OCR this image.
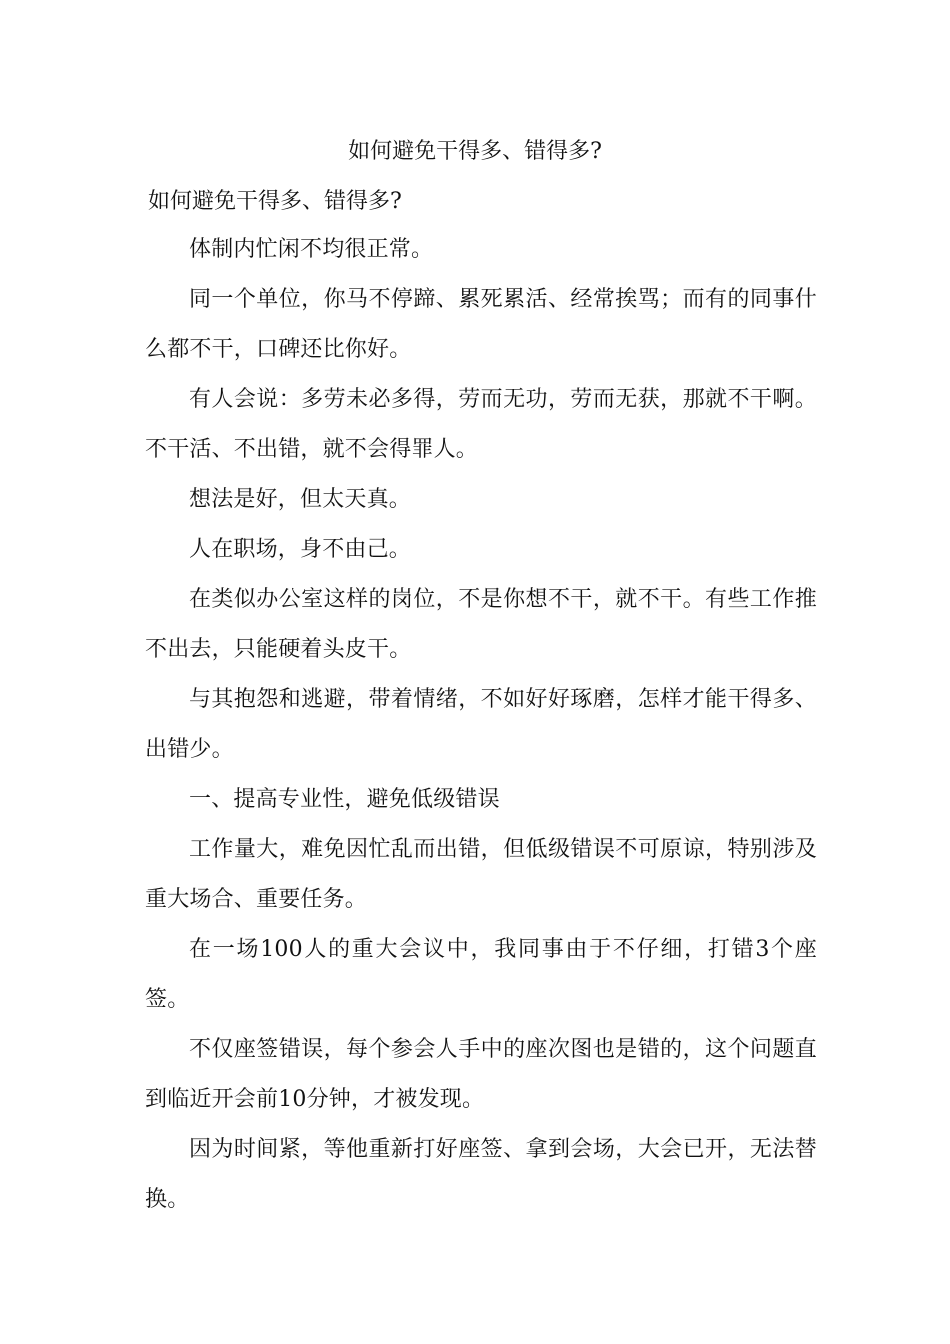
如何避免干得多、错得多?
如何避免干得多、错得多?

体制内忙闲不均很正常。

同一个单位，你马不停蹄、累死累活、经常挨骂；而有的同事什么都不干，口碑还比你好。

有人会说：多劳未必多得，劳而无功，劳而无获，那就不干啊。不干活、不出错，就不会得罪人。

想法是好，但太天真。

人在职场，身不由己。

在类似办公室这样的岗位，不是你想不干，就不干。有些工作推不出去，只能硬着头皮干。

与其抱怨和逃避，带着情绪，不如好好琢磨，怎样才能干得多、出错少。

一、提高专业性，避免低级错误

工作量大，难免因忙乱而出错，但低级错误不可原谅，特别涉及重大场合、重要任务。

在一场100人的重大会议中，我同事由于不仔细，打错3个座签。

不仅座签错误，每个参会人手中的座次图也是错的，这个问题直到临近开会前10分钟，才被发现。

因为时间紧，等他重新打好座签、拿到会场，大会已开，无法替换。
